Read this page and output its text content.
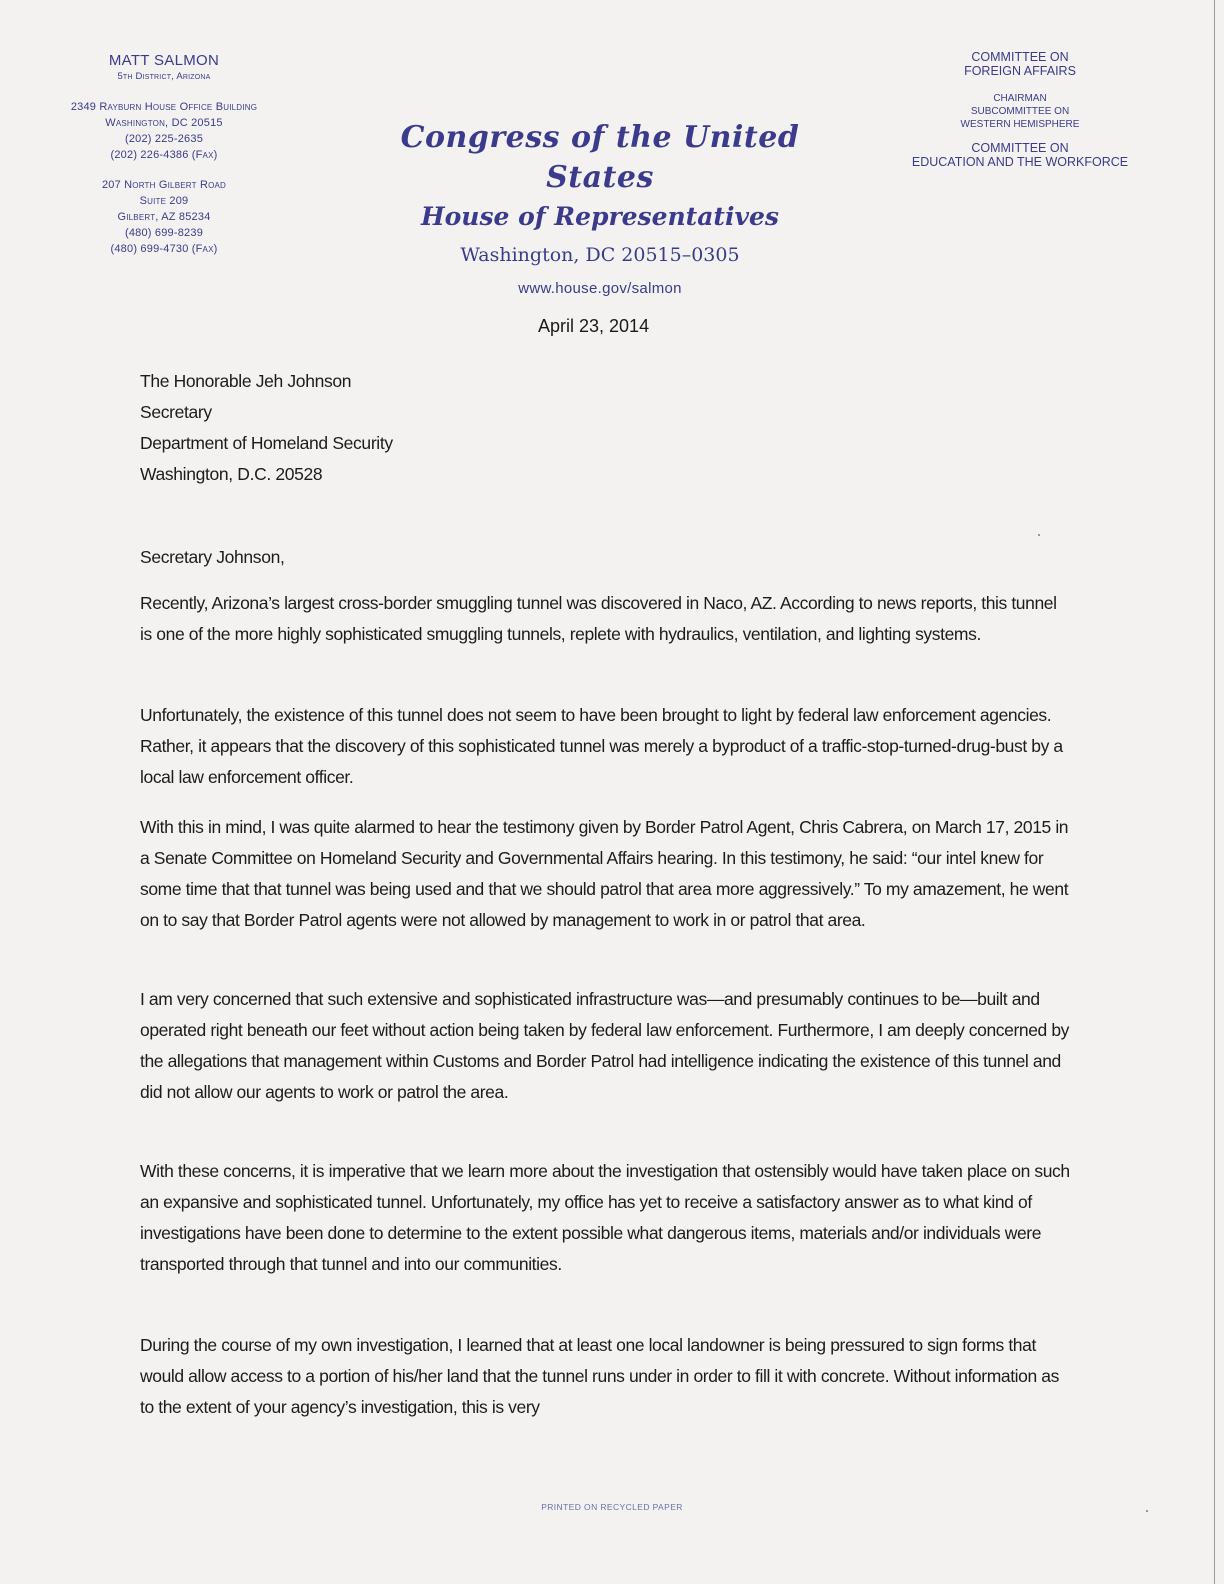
MATT SALMON
5th District, Arizona
2349 Rayburn House Office Building
Washington, DC 20515
(202) 225-2635
(202) 226-4386 (Fax)
207 North Gilbert Road
Suite 209
Gilbert, AZ 85234
(480) 699-8239
(480) 699-4730 (Fax)
Congress of the United States
House of Representatives
Washington, DC 20515–0305
www.house.gov/salmon
COMMITTEE ON
FOREIGN AFFAIRS
CHAIRMAN
SUBCOMMITTEE ON
WESTERN HEMISPHERE
COMMITTEE ON
EDUCATION AND THE WORKFORCE
April 23, 2014
The Honorable Jeh Johnson
Secretary
Department of Homeland Security
Washington, D.C. 20528
Secretary Johnson,

Recently, Arizona’s largest cross-border smuggling tunnel was discovered in Naco, AZ. According to news reports, this tunnel is one of the more highly sophisticated smuggling tunnels, replete with hydraulics, ventilation, and lighting systems.

Unfortunately, the existence of this tunnel does not seem to have been brought to light by federal law enforcement agencies. Rather, it appears that the discovery of this sophisticated tunnel was merely a byproduct of a traffic-stop-turned-drug-bust by a local law enforcement officer.

With this in mind, I was quite alarmed to hear the testimony given by Border Patrol Agent, Chris Cabrera, on March 17, 2015 in a Senate Committee on Homeland Security and Governmental Affairs hearing. In this testimony, he said: “our intel knew for some time that that tunnel was being used and that we should patrol that area more aggressively.” To my amazement, he went on to say that Border Patrol agents were not allowed by management to work in or patrol that area.

I am very concerned that such extensive and sophisticated infrastructure was—and presumably continues to be—built and operated right beneath our feet without action being taken by federal law enforcement. Furthermore, I am deeply concerned by the allegations that management within Customs and Border Patrol had intelligence indicating the existence of this tunnel and did not allow our agents to work or patrol the area.

With these concerns, it is imperative that we learn more about the investigation that ostensibly would have taken place on such an expansive and sophisticated tunnel. Unfortunately, my office has yet to receive a satisfactory answer as to what kind of investigations have been done to determine to the extent possible what dangerous items, materials and/or individuals were transported through that tunnel and into our communities.

During the course of my own investigation, I learned that at least one local landowner is being pressured to sign forms that would allow access to a portion of his/her land that the tunnel runs under in order to fill it with concrete. Without information as to the extent of your agency’s investigation, this is very

PRINTED ON RECYCLED PAPER
